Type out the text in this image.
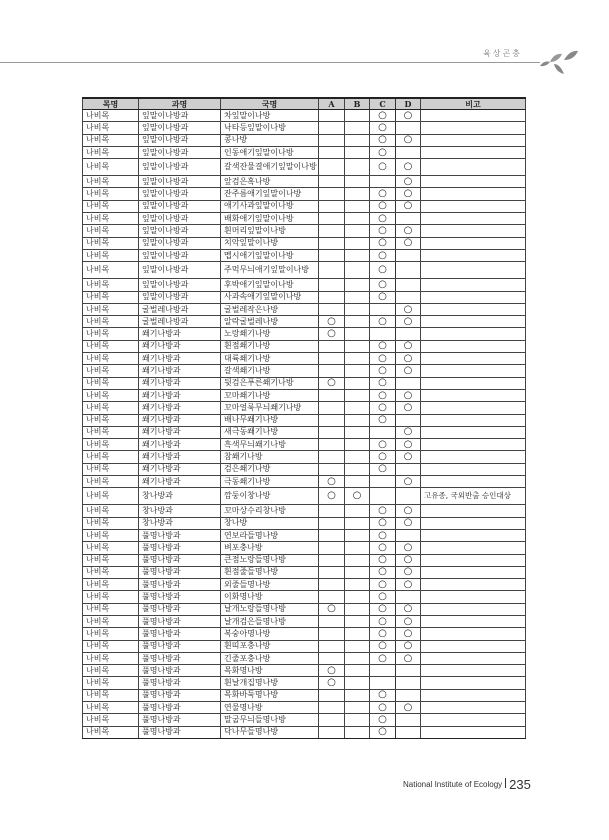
육상곤충
목명	과명	국명	A	B	C	D	비고
나비목	잎말이나방과	차잎말이나방			○	○	
나비목	잎말이나방과	낙타등잎말이나방			○		
나비목	잎말이나방과	콩나방			○	○	
나비목	잎말이나방과	인동애기잎말이나방			○		
나비목	잎말이나방과	갈색잔물결애기잎말이나방			○	○	
나비목	잎말이나방과	앞검은혹나방				○	
나비목	잎말이나방과	잔주름애기잎말이나방			○	○	
나비목	잎말이나방과	애기사과잎말이나방			○	○	
나비목	잎말이나방과	배화애기잎말이나방			○		
나비목	잎말이나방과	흰머리잎말이나방			○	○	
나비목	잎말이나방과	치악잎말이나방			○	○	
나비목	잎말이나방과	멥시애기잎말이나방			○		
나비목	잎말이나방과	주먹무늬애기잎말이나방			○		
나비목	잎말이나방과	후박애기잎말이나방			○		
나비목	잎말이나방과	사과속애기잎말이나방			○		
나비목	굴벌레나방과	굴벌레작은나방				○	
나비목	굴벌레나방과	알락굴벌레나방	○		○	○	
나비목	쐐기나방과	노랑쐐기나방	○				
나비목	쐐기나방과	흰점쐐기나방			○	○	
나비목	쐐기나방과	대륙쐐기나방			○	○	
나비목	쐐기나방과	갈색쐐기나방			○	○	
나비목	쐐기나방과	뒷검은푸른쐐기나방	○		○		
나비목	쐐기나방과	꼬마쐐기나방			○	○	
나비목	쐐기나방과	꼬마얼룩무늬쐐기나방			○	○	
나비목	쐐기나방과	배나무쐐기나방			○		
나비목	쐐기나방과	새극동쐐기나방				○	
나비목	쐐기나방과	흑색무늬쐐기나방			○	○	
나비목	쐐기나방과	참쐐기나방			○	○	
나비목	쐐기나방과	검은쐐기나방			○		
나비목	쐐기나방과	극동쐐기나방	○			○	
나비목	창나방과	깜둥이창나방	○	○			고유종, 국외반출 승인대상
나비목	창나방과	꼬마상수리창나방			○	○	
나비목	창나방과	창나방			○	○	
나비목	풀명나방과	연보라들명나방			○		
나비목	풀명나방과	벼포충나방			○	○	
나비목	풀명나방과	큰점노랑들명나방			○	○	
나비목	풀명나방과	흰점줄들명나방			○	○	
나비목	풀명나방과	외줄들명나방			○	○	
나비목	풀명나방과	이화명나방			○		
나비목	풀명나방과	날개노랑들명나방	○		○	○	
나비목	풀명나방과	날개검은들명나방			○	○	
나비목	풀명나방과	복숭아명나방			○	○	
나비목	풀명나방과	흰띠포충나방			○	○	
나비목	풀명나방과	긴줄포충나방			○	○	
나비목	풀명나방과	목화명나방	○				
나비목	풀명나방과	흰날개집명나방	○				
나비목	풀명나방과	목화바둑명나방			○		
나비목	풀명나방과	연물명나방			○	○	
나비목	풀명나방과	말굽무늬들명나방			○		
나비목	풀명나방과	닥나무들명나방			○		
National Institute of Ecology 235
